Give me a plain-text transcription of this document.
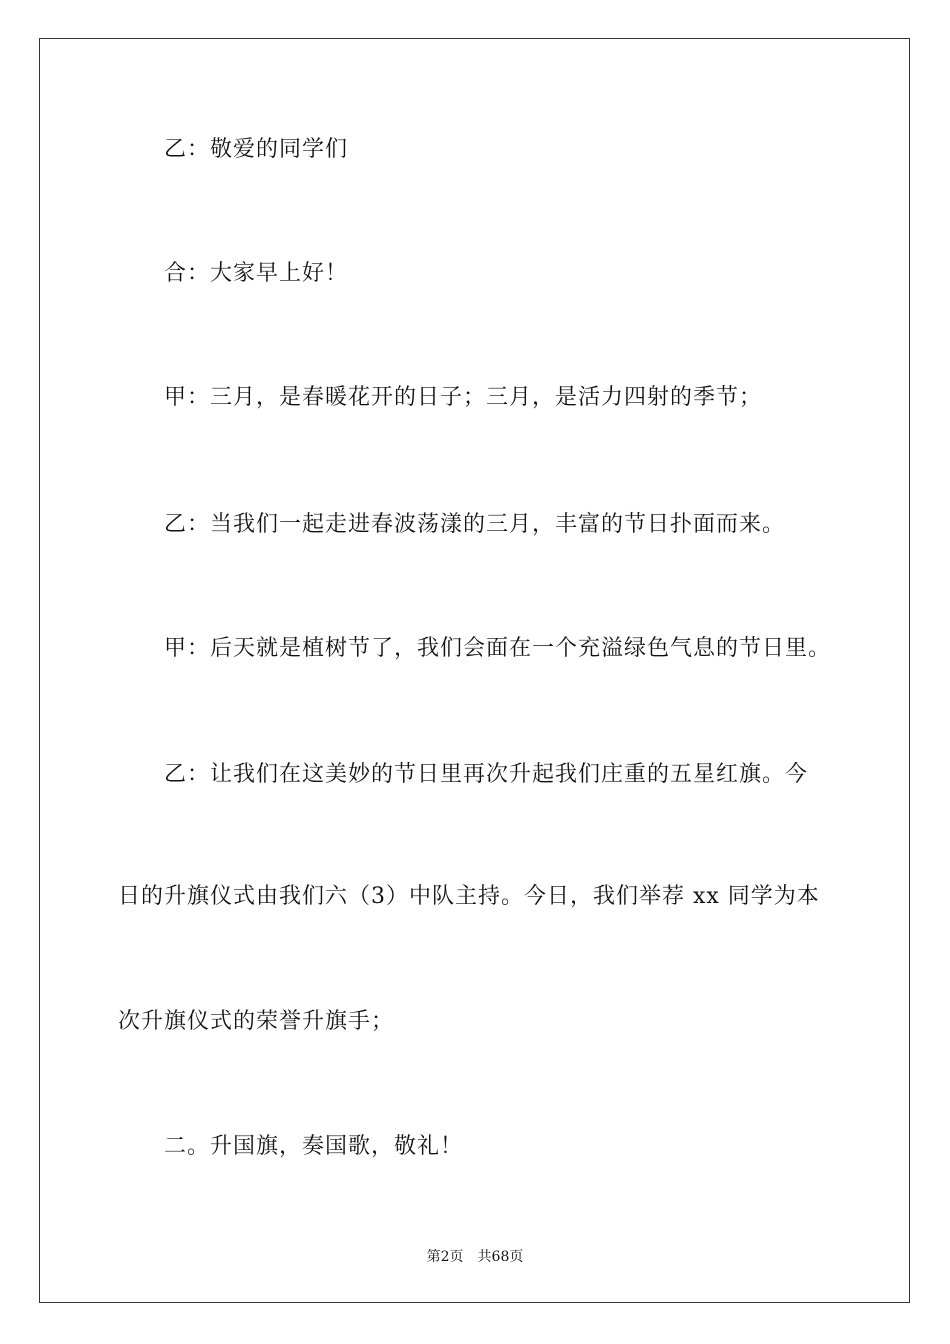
乙：敬爱的同学们
合：大家早上好！
甲：三月，是春暖花开的日子；三月，是活力四射的季节；
乙：当我们一起走进春波荡漾的三月，丰富的节日扑面而来。
甲：后天就是植树节了，我们会面在一个充溢绿色气息的节日里。
乙：让我们在这美妙的节日里再次升起我们庄重的五星红旗。今
日的升旗仪式由我们六（3）中队主持。今日，我们举荐 xx 同学为本
次升旗仪式的荣誉升旗手；
二。升国旗，奏国歌，敬礼！
第2页 共68页
